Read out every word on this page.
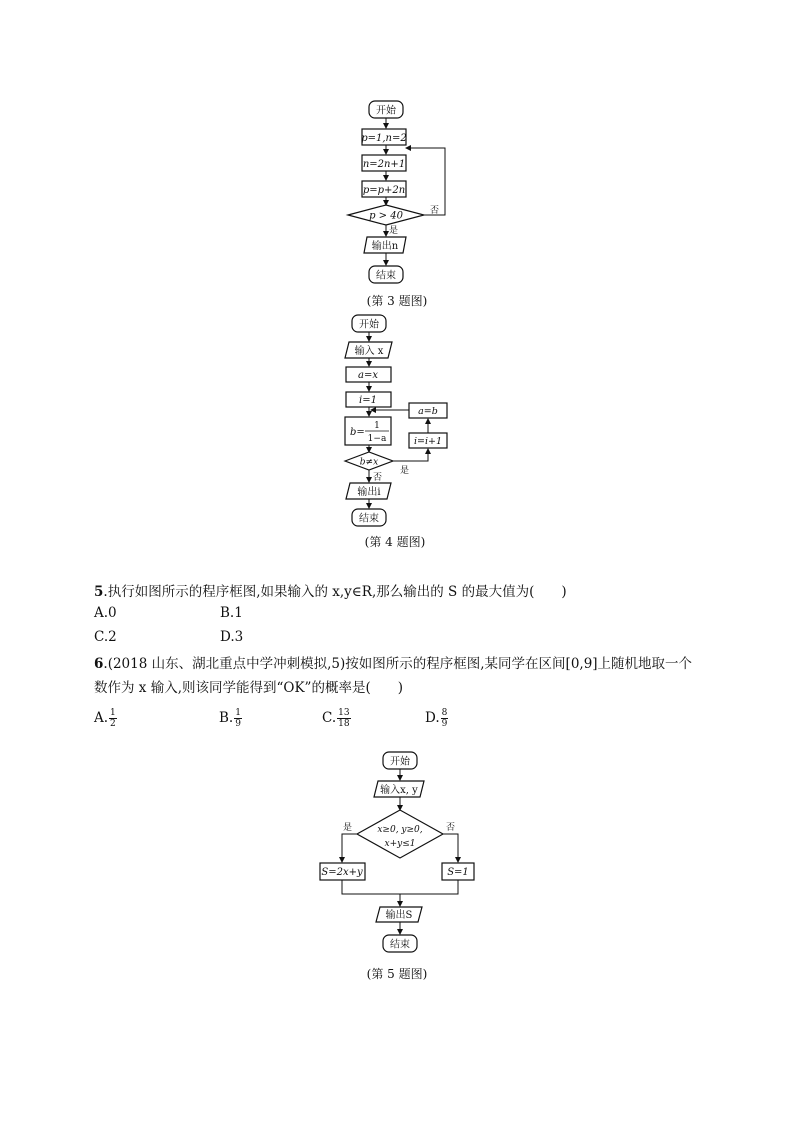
开始
p=1,n=2
n=2n+1
p=p+2n
p > 40	否
是
输出n
结束
(第 3 题图)
开始
输入 x
a=x
i=1
b=
1
1−a
b≠x
是
i=i+1
a=b
否
输出i
结束
(第 4 题图)
5.执行如图所示的程序框图,如果输入的 x,y∈R,那么输出的 S 的最大值为(　　)
A.0	B.1
C.2	D.3
6.(2018 山东、湖北重点中学冲刺模拟,5)按如图所示的程序框图,某同学在区间[0,9]上随机地取一个
数作为 x 输入,则该同学能得到“OK”的概率是(　　)
A. $\frac{1}{2}$	B. $\frac{1}{9}$	C. $\frac{13}{18}$	D. $\frac{8}{9}$
开始
输入x, y
x≥0, y≥0,
x+y≤1
是	否
S=2x+y	S=1
输出S
结束
(第 5 题图)
